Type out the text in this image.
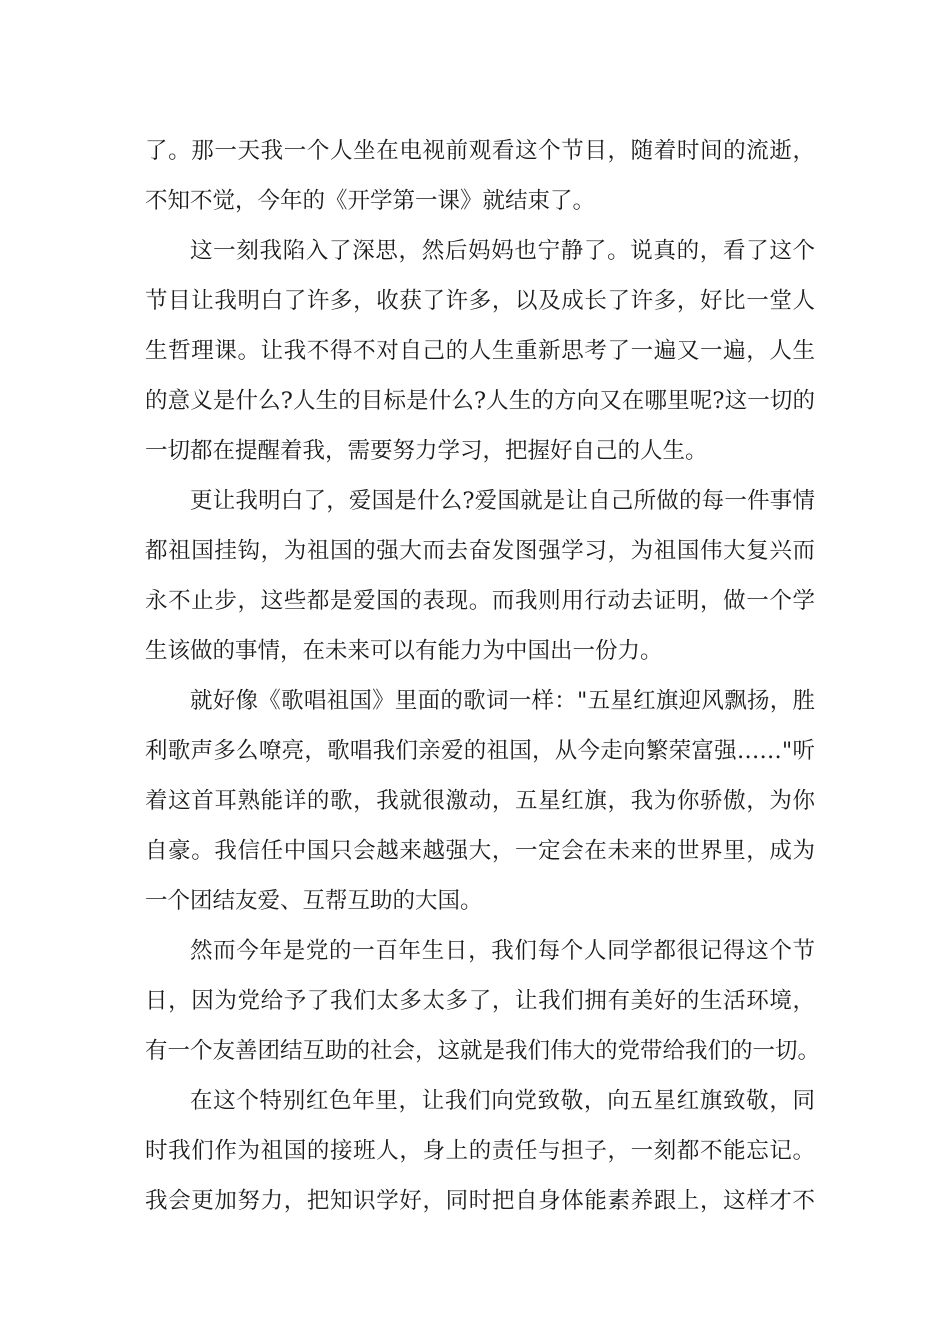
了。那一天我一个人坐在电视前观看这个节目，随着时间的流逝，
不知不觉，今年的《开学第一课》就结束了。
这一刻我陷入了深思，然后妈妈也宁静了。说真的，看了这个
节目让我明白了许多，收获了许多，以及成长了许多，好比一堂人
生哲理课。让我不得不对自己的人生重新思考了一遍又一遍，人生
的意义是什么?人生的目标是什么?人生的方向又在哪里呢?这一切的
一切都在提醒着我，需要努力学习，把握好自己的人生。
更让我明白了，爱国是什么?爱国就是让自己所做的每一件事情
都祖国挂钩，为祖国的强大而去奋发图强学习，为祖国伟大复兴而
永不止步，这些都是爱国的表现。而我则用行动去证明，做一个学
生该做的事情，在未来可以有能力为中国出一份力。
就好像《歌唱祖国》里面的歌词一样："五星红旗迎风飘扬，胜
利歌声多么嘹亮，歌唱我们亲爱的祖国，从今走向繁荣富强……"听
着这首耳熟能详的歌，我就很激动，五星红旗，我为你骄傲，为你
自豪。我信任中国只会越来越强大，一定会在未来的世界里，成为
一个团结友爱、互帮互助的大国。
然而今年是党的一百年生日，我们每个人同学都很记得这个节
日，因为党给予了我们太多太多了，让我们拥有美好的生活环境，
有一个友善团结互助的社会，这就是我们伟大的党带给我们的一切。
在这个特别红色年里，让我们向党致敬，向五星红旗致敬，同
时我们作为祖国的接班人，身上的责任与担子，一刻都不能忘记。
我会更加努力，把知识学好，同时把自身体能素养跟上，这样才不
